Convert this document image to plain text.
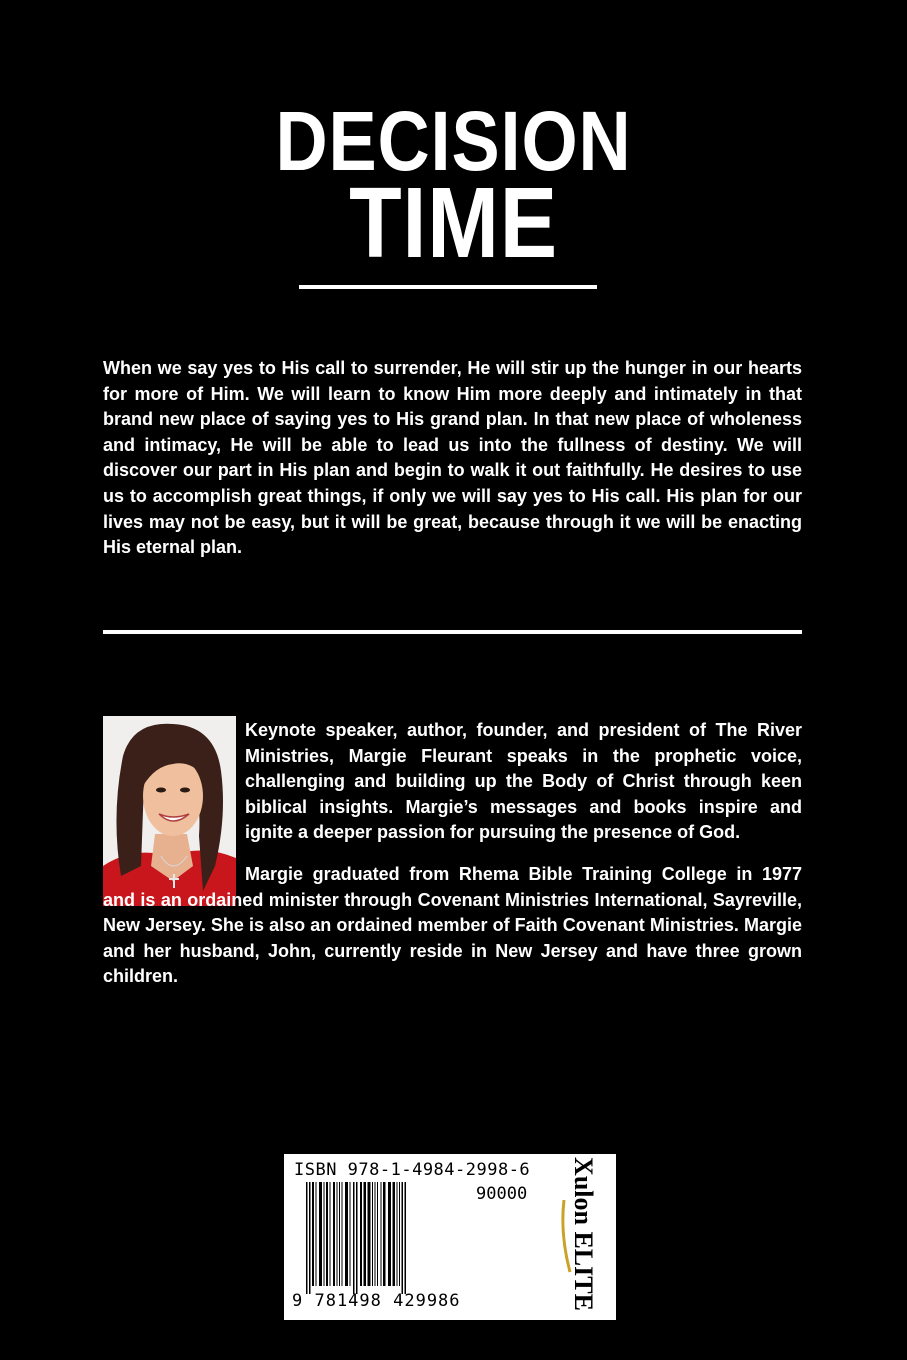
DECISION
TIME
When we say yes to His call to surrender, He will stir up the hunger in our hearts for more of Him. We will learn to know Him more deeply and intimately in that brand new place of saying yes to His grand plan. In that new place of wholeness and intimacy, He will be able to lead us into the fullness of destiny. We will discover our part in His plan and begin to walk it out faithfully. He desires to use us to accomplish great things, if only we will say yes to His call. His plan for our lives may not be easy, but it will be great, because through it we will be enacting His eternal plan.
Keynote speaker, author, founder, and president of The River Ministries, Margie Fleurant speaks in the prophetic voice, challenging and building up the Body of Christ through keen biblical insights. Margie’s messages and books inspire and ignite a deeper passion for pursuing the presence of God.
Margie graduated from Rhema Bible Training College in 1977 and is an ordained minister through Covenant Ministries International, Sayreville, New Jersey. She is also an ordained member of Faith Covenant Ministries. Margie and her husband, John, currently reside in New Jersey and have three grown children.
ISBN 978-1-4984-2998-6
90000
9 781498 429986	Xulon ELITE
